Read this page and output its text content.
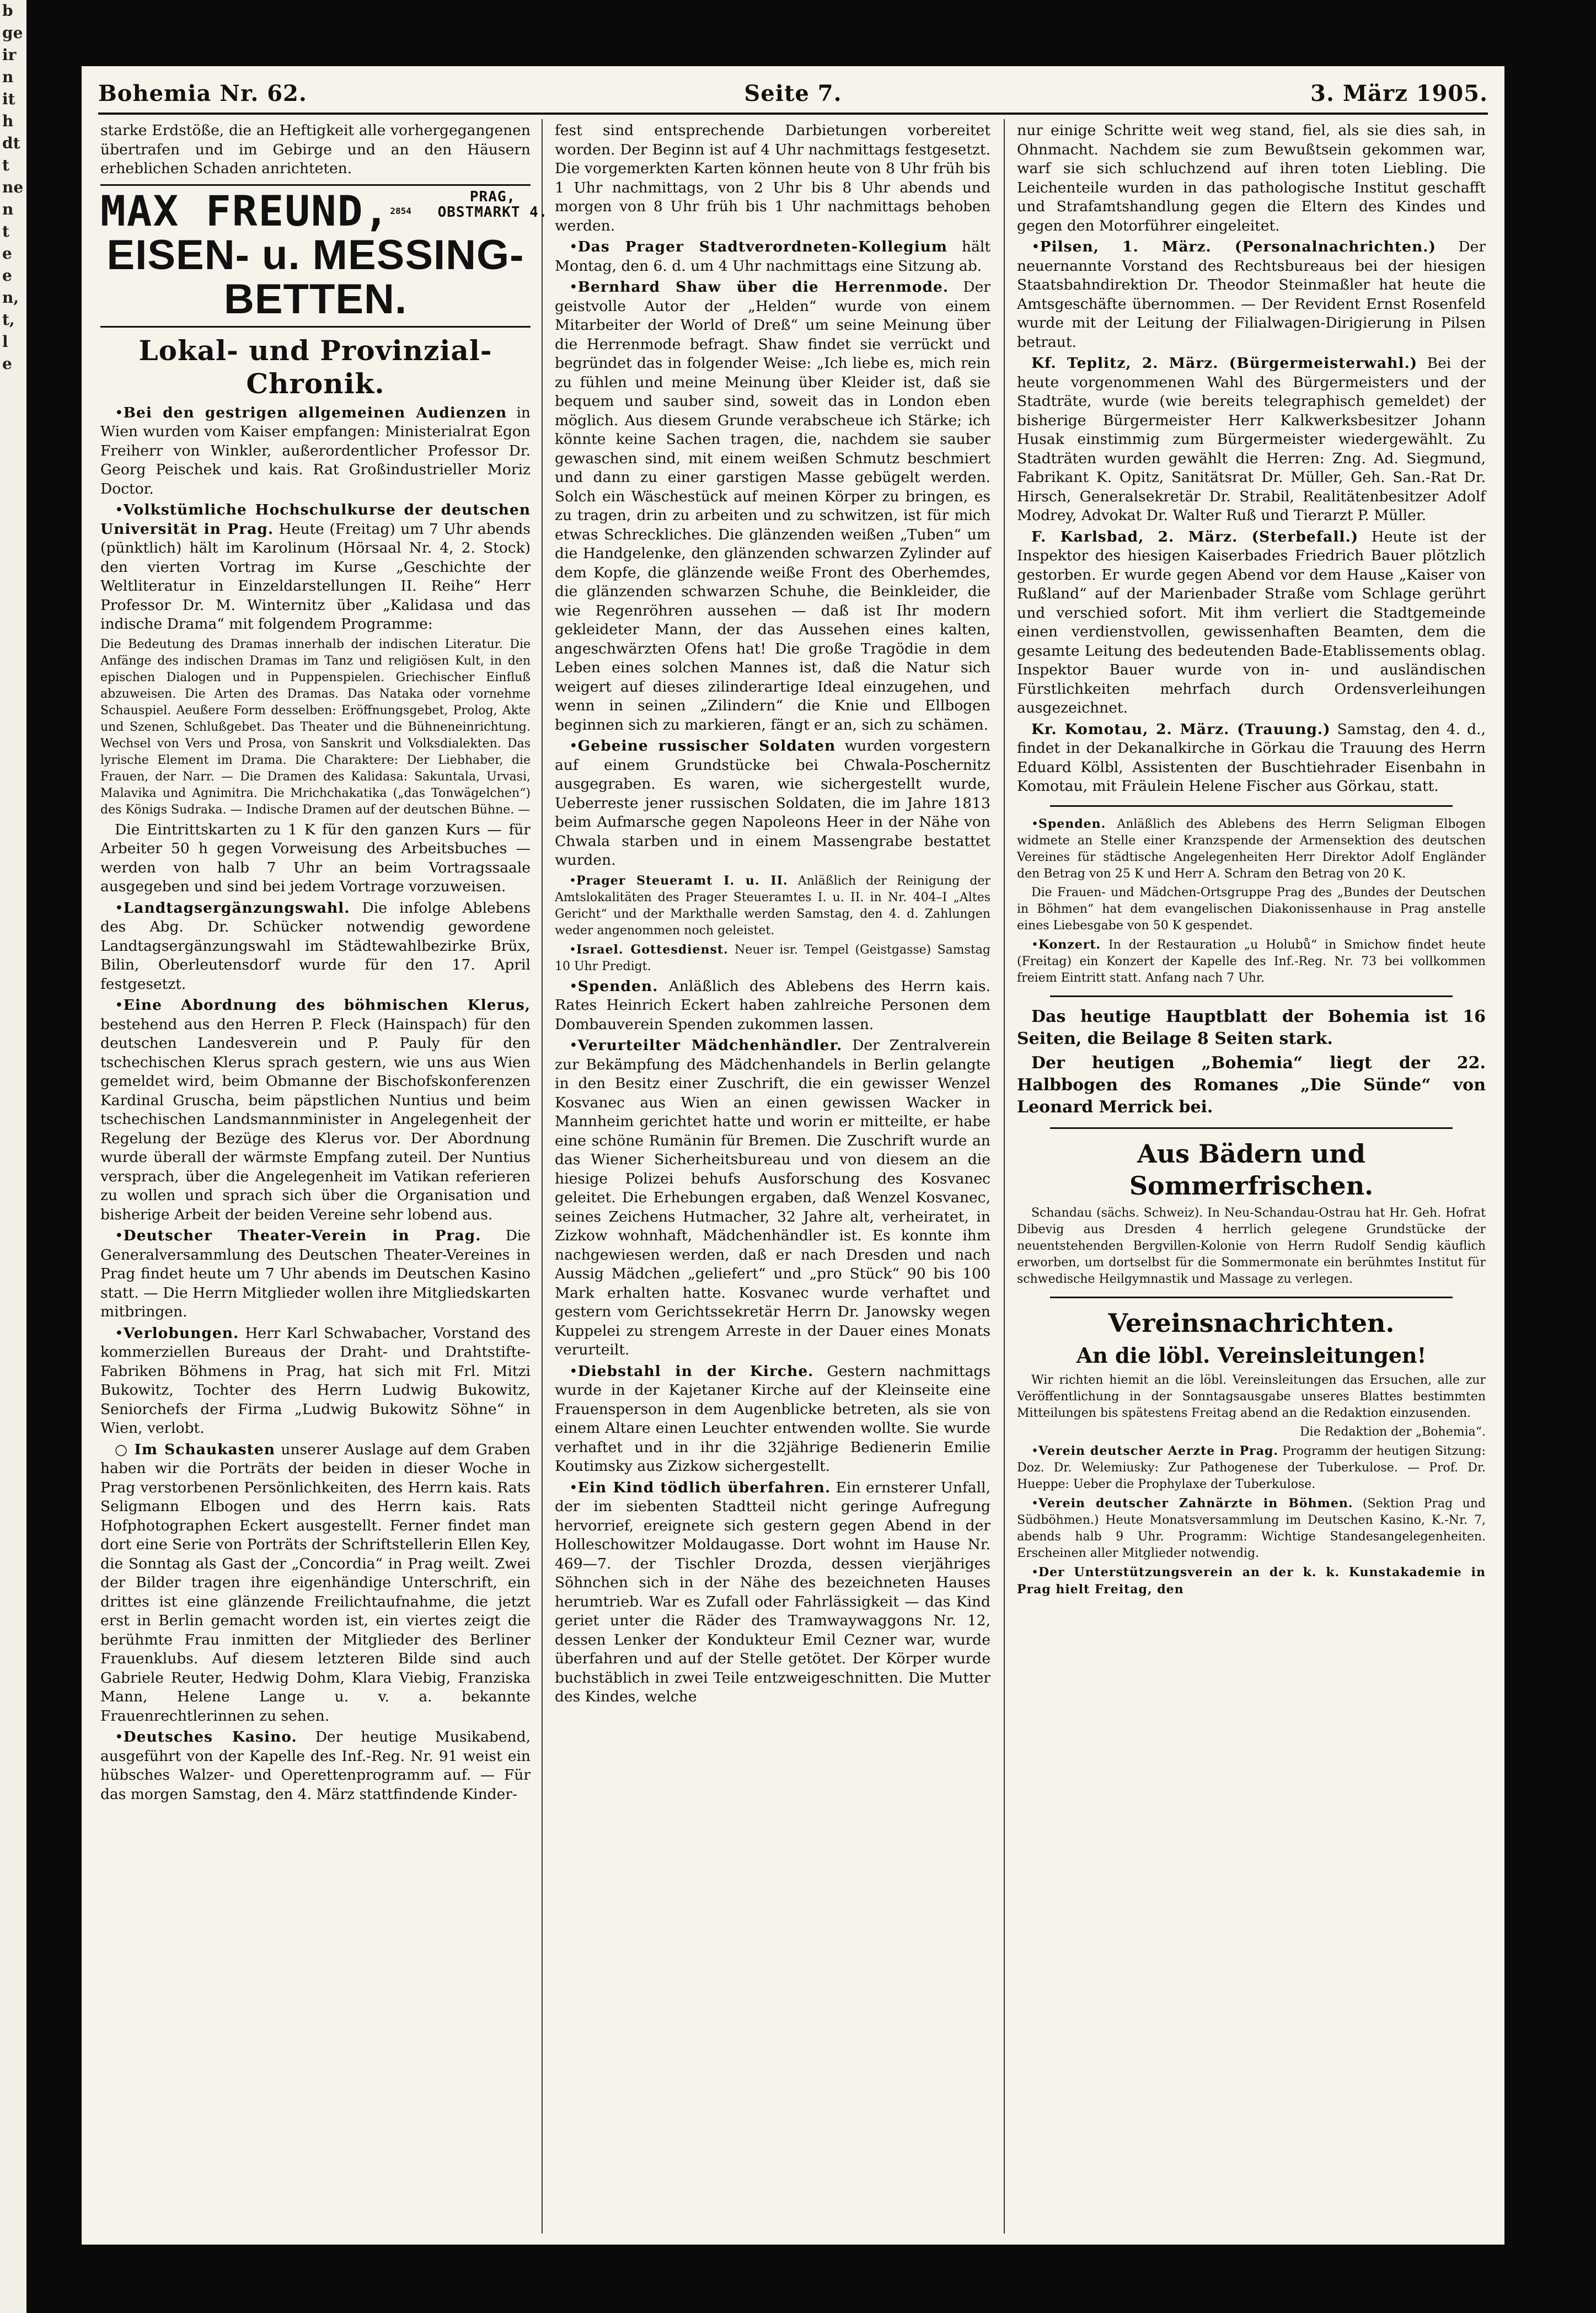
b
ge
ir
n
it
h
dt
t
ne
n
t
e
e
n,
t,
l
e
Bohemia Nr. 62.	Seite 7.	3. März 1905.

starke Erdstöße, die an Heftigkeit alle vorhergegangenen übertrafen und im Gebirge und an den Häusern erheblichen Schaden anrichteten.

MAX FREUND,$^{2854}$ PRAG,
OBSTMARKT 4.
EISEN- u. MESSING-BETTEN.
Lokal- und Provinzial-Chronik.

•Bei den gestrigen allgemeinen Audienzen in Wien wurden vom Kaiser empfangen: Ministerialrat Egon Freiherr von Winkler, außerordentlicher Professor Dr. Georg Peischek und kais. Rat Großindustrieller Moriz Doctor.

•Volkstümliche Hochschulkurse der deutschen Universität in Prag. Heute (Freitag) um 7 Uhr abends (pünktlich) hält im Karolinum (Hörsaal Nr. 4, 2. Stock) den vierten Vortrag im Kurse „Geschichte der Weltliteratur in Einzeldarstellungen II. Reihe“ Herr Professor Dr. M. Winternitz über „Kalidasa und das indische Drama“ mit folgendem Programme:

Die Bedeutung des Dramas innerhalb der indischen Literatur. Die Anfänge des indischen Dramas im Tanz und religiösen Kult, in den epischen Dialogen und in Puppenspielen. Griechischer Einfluß abzuweisen. Die Arten des Dramas. Das Nataka oder vornehme Schauspiel. Aeußere Form desselben: Eröffnungsgebet, Prolog, Akte und Szenen, Schlußgebet. Das Theater und die Bühneneinrichtung. Wechsel von Vers und Prosa, von Sanskrit und Volksdialekten. Das lyrische Element im Drama. Die Charaktere: Der Liebhaber, die Frauen, der Narr. — Die Dramen des Kalidasa: Sakuntala, Urvasi, Malavika und Agnimitra. Die Mrichchakatika („das Tonwägelchen“) des Königs Sudraka. — Indische Dramen auf der deutschen Bühne. —

Die Eintrittskarten zu 1 K für den ganzen Kurs — für Arbeiter 50 h gegen Vorweisung des Arbeitsbuches — werden von halb 7 Uhr an beim Vortragssaale ausgegeben und sind bei jedem Vortrage vorzuweisen.

•Landtagsergänzungswahl. Die infolge Ablebens des Abg. Dr. Schücker notwendig gewordene Landtagsergänzungswahl im Städtewahlbezirke Brüx, Bilin, Oberleutensdorf wurde für den 17. April festgesetzt.

•Eine Abordnung des böhmischen Klerus, bestehend aus den Herren P. Fleck (Hainspach) für den deutschen Landesverein und P. Pauly für den tschechischen Klerus sprach gestern, wie uns aus Wien gemeldet wird, beim Obmanne der Bischofskonferenzen Kardinal Gruscha, beim päpstlichen Nuntius und beim tschechischen Landsmannminister in Angelegenheit der Regelung der Bezüge des Klerus vor. Der Abordnung wurde überall der wärmste Empfang zuteil. Der Nuntius versprach, über die Angelegenheit im Vatikan referieren zu wollen und sprach sich über die Organisation und bisherige Arbeit der beiden Vereine sehr lobend aus.

•Deutscher Theater-Verein in Prag. Die Generalversammlung des Deutschen Theater-Vereines in Prag findet heute um 7 Uhr abends im Deutschen Kasino statt. — Die Herrn Mitglieder wollen ihre Mitgliedskarten mitbringen.

•Verlobungen. Herr Karl Schwabacher, Vorstand des kommerziellen Bureaus der Draht- und Drahtstifte-Fabriken Böhmens in Prag, hat sich mit Frl. Mitzi Bukowitz, Tochter des Herrn Ludwig Bukowitz, Seniorchefs der Firma „Ludwig Bukowitz Söhne“ in Wien, verlobt.

○ Im Schaukasten unserer Auslage auf dem Graben haben wir die Porträts der beiden in dieser Woche in Prag verstorbenen Persönlichkeiten, des Herrn kais. Rats Seligmann Elbogen und des Herrn kais. Rats Hofphotographen Eckert ausgestellt. Ferner findet man dort eine Serie von Porträts der Schriftstellerin Ellen Key, die Sonntag als Gast der „Concordia“ in Prag weilt. Zwei der Bilder tragen ihre eigenhändige Unterschrift, ein drittes ist eine glänzende Freilichtaufnahme, die jetzt erst in Berlin gemacht worden ist, ein viertes zeigt die berühmte Frau inmitten der Mitglieder des Berliner Frauenklubs. Auf diesem letzteren Bilde sind auch Gabriele Reuter, Hedwig Dohm, Klara Viebig, Franziska Mann, Helene Lange u. v. a. bekannte Frauenrechtlerinnen zu sehen.

•Deutsches Kasino. Der heutige Musikabend, ausgeführt von der Kapelle des Inf.-Reg. Nr. 91 weist ein hübsches Walzer- und Operettenprogramm auf. — Für das morgen Samstag, den 4. März stattfindende Kinder-

fest sind entsprechende Darbietungen vorbereitet worden. Der Beginn ist auf 4 Uhr nachmittags festgesetzt. Die vorgemerkten Karten können heute von 8 Uhr früh bis 1 Uhr nachmittags, von 2 Uhr bis 8 Uhr abends und morgen von 8 Uhr früh bis 1 Uhr nachmittags behoben werden.

•Das Prager Stadtverordneten-Kollegium hält Montag, den 6. d. um 4 Uhr nachmittags eine Sitzung ab.

•Bernhard Shaw über die Herrenmode. Der geistvolle Autor der „Helden“ wurde von einem Mitarbeiter der World of Dreß“ um seine Meinung über die Herrenmode befragt. Shaw findet sie verrückt und begründet das in folgender Weise: „Ich liebe es, mich rein zu fühlen und meine Meinung über Kleider ist, daß sie bequem und sauber sind, soweit das in London eben möglich. Aus diesem Grunde verabscheue ich Stärke; ich könnte keine Sachen tragen, die, nachdem sie sauber gewaschen sind, mit einem weißen Schmutz beschmiert und dann zu einer garstigen Masse gebügelt werden. Solch ein Wäschestück auf meinen Körper zu bringen, es zu tragen, drin zu arbeiten und zu schwitzen, ist für mich etwas Schreckliches. Die glänzenden weißen „Tuben“ um die Handgelenke, den glänzenden schwarzen Zylinder auf dem Kopfe, die glänzende weiße Front des Oberhemdes, die glänzenden schwarzen Schuhe, die Beinkleider, die wie Regenröhren aussehen — daß ist Ihr modern gekleideter Mann, der das Aussehen eines kalten, angeschwärzten Ofens hat! Die große Tragödie in dem Leben eines solchen Mannes ist, daß die Natur sich weigert auf dieses zilinderartige Ideal einzugehen, und wenn in seinen „Zilindern“ die Knie und Ellbogen beginnen sich zu markieren, fängt er an, sich zu schämen.

•Gebeine russischer Soldaten wurden vorgestern auf einem Grundstücke bei Chwala-Poschernitz ausgegraben. Es waren, wie sichergestellt wurde, Ueberreste jener russischen Soldaten, die im Jahre 1813 beim Aufmarsche gegen Napoleons Heer in der Nähe von Chwala starben und in einem Massengrabe bestattet wurden.

•Prager Steueramt I. u. II. Anläßlich der Reinigung der Amtslokalitäten des Prager Steueramtes I. u. II. in Nr. 404–I „Altes Gericht“ und der Markthalle werden Samstag, den 4. d. Zahlungen weder angenommen noch geleistet.

•Israel. Gottesdienst. Neuer isr. Tempel (Geistgasse) Samstag 10 Uhr Predigt.

•Spenden. Anläßlich des Ablebens des Herrn kais. Rates Heinrich Eckert haben zahlreiche Personen dem Dombauverein Spenden zukommen lassen.

•Verurteilter Mädchenhändler. Der Zentralverein zur Bekämpfung des Mädchenhandels in Berlin gelangte in den Besitz einer Zuschrift, die ein gewisser Wenzel Kosvanec aus Wien an einen gewissen Wacker in Mannheim gerichtet hatte und worin er mitteilte, er habe eine schöne Rumänin für Bremen. Die Zuschrift wurde an das Wiener Sicherheitsbureau und von diesem an die hiesige Polizei behufs Ausforschung des Kosvanec geleitet. Die Erhebungen ergaben, daß Wenzel Kosvanec, seines Zeichens Hutmacher, 32 Jahre alt, verheiratet, in Zizkow wohnhaft, Mädchenhändler ist. Es konnte ihm nachgewiesen werden, daß er nach Dresden und nach Aussig Mädchen „geliefert“ und „pro Stück“ 90 bis 100 Mark erhalten hatte. Kosvanec wurde verhaftet und gestern vom Gerichtssekretär Herrn Dr. Janowsky wegen Kuppelei zu strengem Arreste in der Dauer eines Monats verurteilt.

•Diebstahl in der Kirche. Gestern nachmittags wurde in der Kajetaner Kirche auf der Kleinseite eine Frauensperson in dem Augenblicke betreten, als sie von einem Altare einen Leuchter entwenden wollte. Sie wurde verhaftet und in ihr die 32jährige Bedienerin Emilie Koutimsky aus Zizkow sichergestellt.

•Ein Kind tödlich überfahren. Ein ernsterer Unfall, der im siebenten Stadtteil nicht geringe Aufregung hervorrief, ereignete sich gestern gegen Abend in der Holleschowitzer Moldaugasse. Dort wohnt im Hause Nr. 469—7. der Tischler Drozda, dessen vierjähriges Söhnchen sich in der Nähe des bezeichneten Hauses herumtrieb. War es Zufall oder Fahrlässigkeit — das Kind geriet unter die Räder des Tramwaywaggons Nr. 12, dessen Lenker der Kondukteur Emil Cezner war, wurde überfahren und auf der Stelle getötet. Der Körper wurde buchstäblich in zwei Teile entzweigeschnitten. Die Mutter des Kindes, welche

nur einige Schritte weit weg stand, fiel, als sie dies sah, in Ohnmacht. Nachdem sie zum Bewußtsein gekommen war, warf sie sich schluchzend auf ihren toten Liebling. Die Leichenteile wurden in das pathologische Institut geschafft und Strafamtshandlung gegen die Eltern des Kindes und gegen den Motorführer eingeleitet.

•Pilsen, 1. März. (Personalnachrichten.) Der neuernannte Vorstand des Rechtsbureaus bei der hiesigen Staatsbahndirektion Dr. Theodor Steinmaßler hat heute die Amtsgeschäfte übernommen. — Der Revident Ernst Rosenfeld wurde mit der Leitung der Filialwagen-Dirigierung in Pilsen betraut.

Kf. Teplitz, 2. März. (Bürgermeisterwahl.) Bei der heute vorgenommenen Wahl des Bürgermeisters und der Stadträte, wurde (wie bereits telegraphisch gemeldet) der bisherige Bürgermeister Herr Kalkwerksbesitzer Johann Husak einstimmig zum Bürgermeister wiedergewählt. Zu Stadträten wurden gewählt die Herren: Zng. Ad. Siegmund, Fabrikant K. Opitz, Sanitätsrat Dr. Müller, Geh. San.-Rat Dr. Hirsch, Generalsekretär Dr. Strabil, Realitätenbesitzer Adolf Modrey, Advokat Dr. Walter Ruß und Tierarzt P. Müller.

F. Karlsbad, 2. März. (Sterbefall.) Heute ist der Inspektor des hiesigen Kaiserbades Friedrich Bauer plötzlich gestorben. Er wurde gegen Abend vor dem Hause „Kaiser von Rußland“ auf der Marienbader Straße vom Schlage gerührt und verschied sofort. Mit ihm verliert die Stadtgemeinde einen verdienstvollen, gewissenhaften Beamten, dem die gesamte Leitung des bedeutenden Bade-Etablissements oblag. Inspektor Bauer wurde von in- und ausländischen Fürstlichkeiten mehrfach durch Ordensverleihungen ausgezeichnet.

Kr. Komotau, 2. März. (Trauung.) Samstag, den 4. d., findet in der Dekanalkirche in Görkau die Trauung des Herrn Eduard Kölbl, Assistenten der Buschtiehrader Eisenbahn in Komotau, mit Fräulein Helene Fischer aus Görkau, statt.

•Spenden. Anläßlich des Ablebens des Herrn Seligman Elbogen widmete an Stelle einer Kranzspende der Armensektion des deutschen Vereines für städtische Angelegenheiten Herr Direktor Adolf Engländer den Betrag von 25 K und Herr A. Schram den Betrag von 20 K.

Die Frauen- und Mädchen-Ortsgruppe Prag des „Bundes der Deutschen in Böhmen“ hat dem evangelischen Diakonissenhause in Prag anstelle eines Liebesgabe von 50 K gespendet.

•Konzert. In der Restauration „u Holubů“ in Smichow findet heute (Freitag) ein Konzert der Kapelle des Inf.-Reg. Nr. 73 bei vollkommen freiem Eintritt statt. Anfang nach 7 Uhr.

Das heutige Hauptblatt der Bohemia ist 16 Seiten, die Beilage 8 Seiten stark.

Der heutigen „Bohemia“ liegt der 22. Halbbogen des Romanes „Die Sünde“ von Leonard Merrick bei.

Aus Bädern und Sommerfrischen.

Schandau (sächs. Schweiz). In Neu-Schandau-Ostrau hat Hr. Geh. Hofrat Dibevig aus Dresden 4 herrlich gelegene Grundstücke der neuentstehenden Bergvillen-Kolonie von Herrn Rudolf Sendig käuflich erworben, um dortselbst für die Sommermonate ein berühmtes Institut für schwedische Heilgymnastik und Massage zu verlegen.

Vereinsnachrichten.
An die löbl. Vereinsleitungen!

Wir richten hiemit an die löbl. Vereinsleitungen das Ersuchen, alle zur Veröffentlichung in der Sonntagsausgabe unseres Blattes bestimmten Mitteilungen bis spätestens Freitag abend an die Redaktion einzusenden.

Die Redaktion der „Bohemia“.

•Verein deutscher Aerzte in Prag. Programm der heutigen Sitzung: Doz. Dr. Welemiusky: Zur Pathogenese der Tuberkulose. — Prof. Dr. Hueppe: Ueber die Prophylaxe der Tuberkulose.

•Verein deutscher Zahnärzte in Böhmen. (Sektion Prag und Südböhmen.) Heute Monatsversammlung im Deutschen Kasino, K.-Nr. 7, abends halb 9 Uhr. Programm: Wichtige Standesangelegenheiten. Erscheinen aller Mitglieder notwendig.

•Der Unterstützungsverein an der k. k. Kunstakademie in Prag hielt Freitag, den
